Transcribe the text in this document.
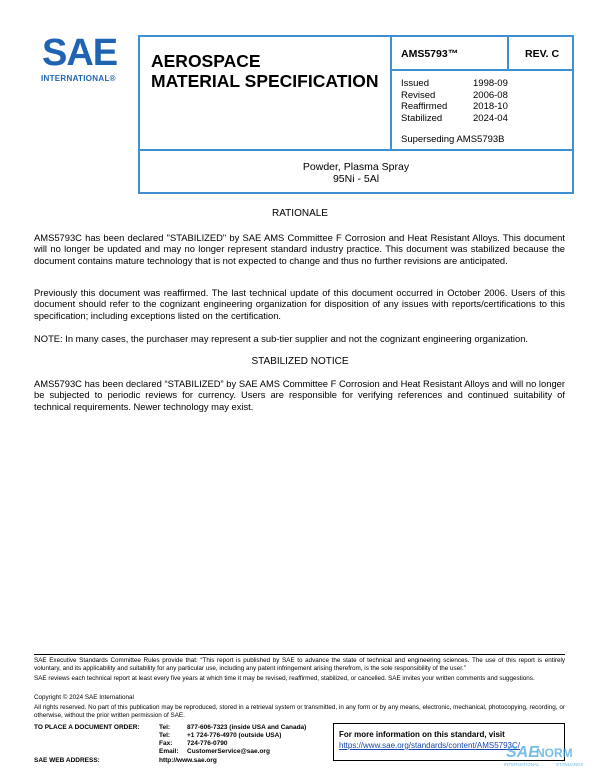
SAE
INTERNATIONAL®
AEROSPACE
MATERIAL SPECIFICATION
AMS5793™	REV. C
Issued	1998-09
Revised	2006-08
Reaffirmed	2018-10
Stabilized	2024-04
Superseding AMS5793B
Powder, Plasma Spray
95Ni - 5Al
RATIONALE
AMS5793C has been declared "STABILIZED" by SAE AMS Committee F Corrosion and Heat Resistant Alloys. This document will no longer be updated and may no longer represent standard industry practice. This document was stabilized because the document contains mature technology that is not expected to change and thus no further revisions are anticipated.
Previously this document was reaffirmed. The last technical update of this document occurred in October 2006. Users of this document should refer to the cognizant engineering organization for disposition of any issues with reports/certifications to this specification; including exceptions listed on the certification.
NOTE: In many cases, the purchaser may represent a sub-tier supplier and not the cognizant engineering organization.
STABILIZED NOTICE
AMS5793C has been declared “STABILIZED” by SAE AMS Committee F Corrosion and Heat Resistant Alloys and will no longer be subjected to periodic reviews for currency. Users are responsible for verifying references and continued suitability of technical requirements. Newer technology may exist.
SAE Executive Standards Committee Rules provide that: “This report is published by SAE to advance the state of technical and engineering sciences. The use of this report is entirely voluntary, and its applicability and suitability for any particular use, including any patent infringement arising therefrom, is the sole responsibility of the user.”
SAE reviews each technical report at least every five years at which time it may be revised, reaffirmed, stabilized, or cancelled. SAE invites your written comments and suggestions.
Copyright © 2024 SAE International
All rights reserved. No part of this publication may be reproduced, stored in a retrieval system or transmitted, in any form or by any means, electronic, mechanical, photocopying, recording, or otherwise, without the prior written permission of SAE.
TO PLACE A DOCUMENT ORDER:	Tel:	877-606-7323 (inside USA and Canada)
Tel:	+1 724-776-4970 (outside USA)
Fax:	724-776-0790
Email:	CustomerService@sae.org
SAE WEB ADDRESS:	http://www.sae.org
For more information on this standard, visit
https://www.sae.org/standards/content/AMS5793C/
SAE
NORM
INTERNATIONAL	STANDARDS
